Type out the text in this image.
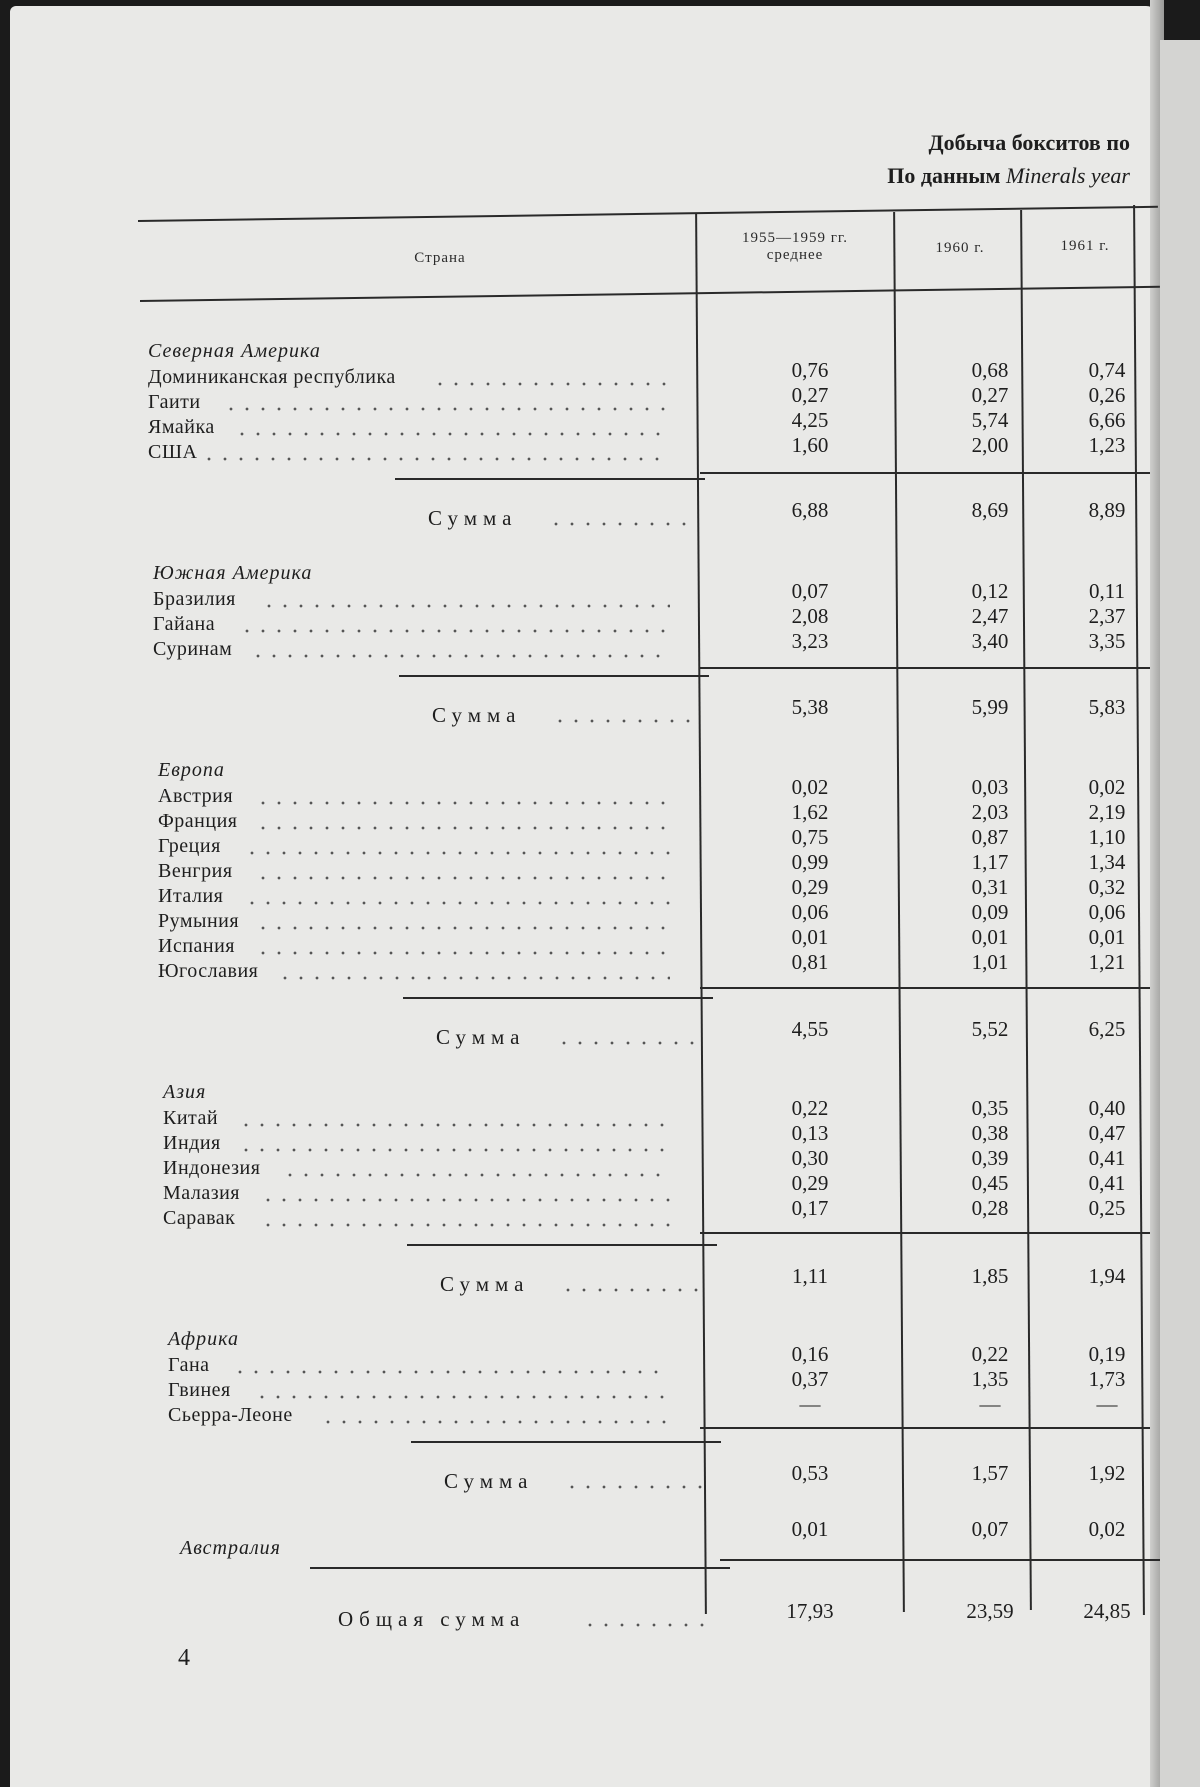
Добыча бокситов по
По данным Minerals year
Страна
1955—1959 гг.
среднее	1960 г.	1961 г.
Северная Америка
Доминиканская республика	0,76	0,68	0,74
Гаити	0,27	0,27	0,26
Ямайка	4,25	5,74	6,66
США	1,60	2,00	1,23
Сумма	6,88	8,69	8,89
Южная Америка
Бразилия	0,07	0,12	0,11
Гайана	2,08	2,47	2,37
Суринам	3,23	3,40	3,35
Сумма	5,38	5,99	5,83
Европа
Австрия	0,02	0,03	0,02
Франция	1,62	2,03	2,19
Греция	0,75	0,87	1,10
Венгрия	0,99	1,17	1,34
Италия	0,29	0,31	0,32
Румыния	0,06	0,09	0,06
Испания	0,01	0,01	0,01
Югославия	0,81	1,01	1,21
Сумма	4,55	5,52	6,25
Азия
Китай	0,22	0,35	0,40
Индия	0,13	0,38	0,47
Индонезия	0,30	0,39	0,41
Малазия	0,29	0,45	0,41
Саравак	0,17	0,28	0,25
Сумма	1,11	1,85	1,94
Африка
Гана	0,16	0,22	0,19
Гвинея	0,37	1,35	1,73
Сьерра-Леоне	—	—	—
Сумма	0,53	1,57	1,92
Австралия
0,01	0,07	0,02
Общая сумма	17,93	23,59	24,85
4
